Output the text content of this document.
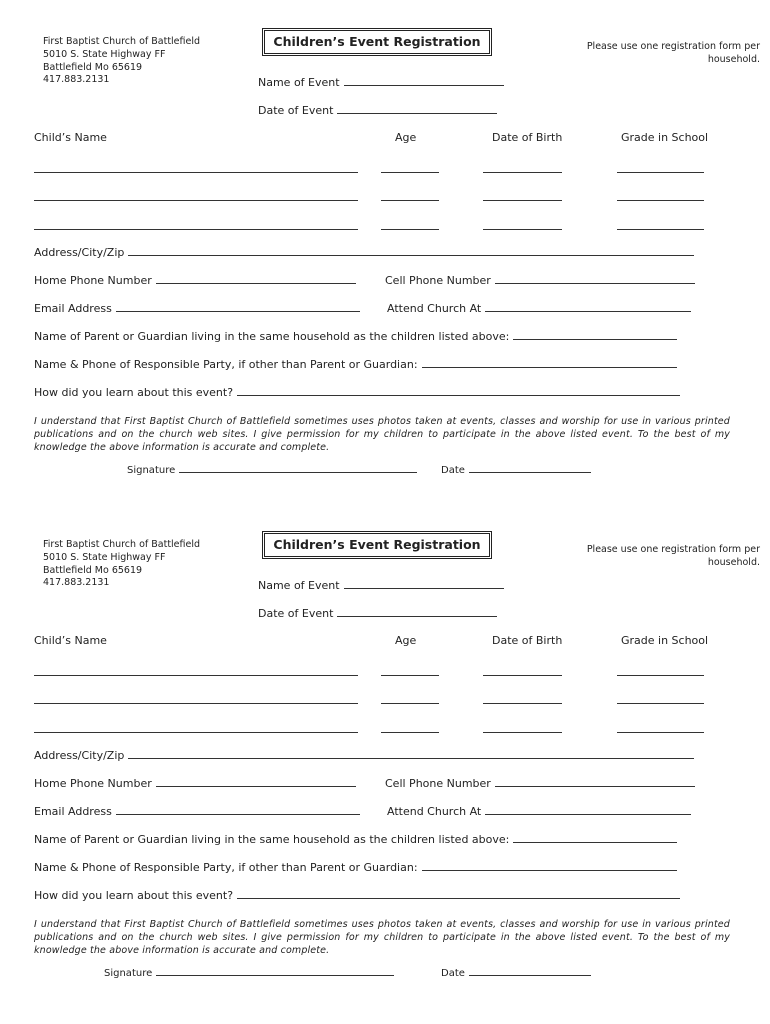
First Baptist Church of Battlefield
5010 S. State Highway FF
Battlefield Mo 65619
417.883.2131
Children’s Event Registration	Please use one registration form per household.
Name of Event
Date of Event
Child’s Name	Age	Date of Birth	Grade in School
Address/City/Zip
Home Phone Number	Cell Phone Number
Email Address	Attend Church At
Name of Parent or Guardian living in the same household as the children listed above:
Name & Phone of Responsible Party, if other than Parent or Guardian:
How did you learn about this event?
I understand that First Baptist Church of Battlefield sometimes uses photos taken at events, classes and worship for use in various printed publications and on the church web sites. I give permission for my children to participate in the above listed event. To the best of my knowledge the above information is accurate and complete.
Signature	Date
First Baptist Church of Battlefield
5010 S. State Highway FF
Battlefield Mo 65619
417.883.2131
Children’s Event Registration	Please use one registration form per household.
Name of Event
Date of Event
Child’s Name	Age	Date of Birth	Grade in School
Address/City/Zip
Home Phone Number	Cell Phone Number
Email Address	Attend Church At
Name of Parent or Guardian living in the same household as the children listed above:
Name & Phone of Responsible Party, if other than Parent or Guardian:
How did you learn about this event?
I understand that First Baptist Church of Battlefield sometimes uses photos taken at events, classes and worship for use in various printed publications and on the church web sites. I give permission for my children to participate in the above listed event. To the best of my knowledge the above information is accurate and complete.
Signature	Date
